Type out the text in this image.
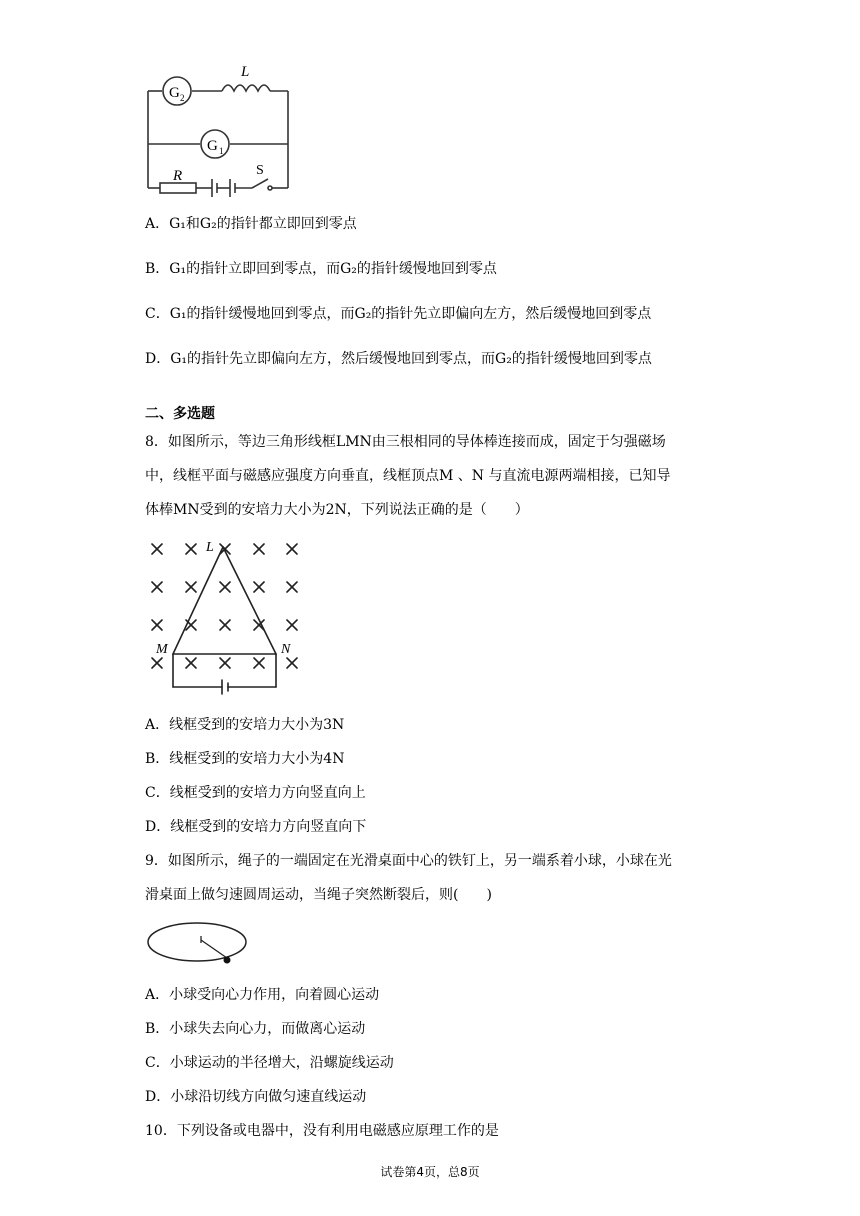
G 2
G 1
L
R	S
A．G₁和G₂的指针都立即回到零点
B．G₁的指针立即回到零点，而G₂的指针缓慢地回到零点
C．G₁的指针缓慢地回到零点，而G₂的指针先立即偏向左方，然后缓慢地回到零点
D．G₁的指针先立即偏向左方，然后缓慢地回到零点，而G₂的指针缓慢地回到零点
二、多选题
8．如图所示，等边三角形线框LMN由三根相同的导体棒连接而成，固定于匀强磁场
中，线框平面与磁感应强度方向垂直，线框顶点M 、N 与直流电源两端相接，已知导
体棒MN受到的安培力大小为2N，下列说法正确的是（　　）
L
M	N
A．线框受到的安培力大小为3N
B．线框受到的安培力大小为4N
C．线框受到的安培力方向竖直向上
D．线框受到的安培力方向竖直向下
9．如图所示，绳子的一端固定在光滑桌面中心的铁钉上，另一端系着小球，小球在光
滑桌面上做匀速圆周运动，当绳子突然断裂后，则(　　)
A．小球受向心力作用，向着圆心运动
B．小球失去向心力，而做离心运动
C．小球运动的半径增大，沿螺旋线运动
D．小球沿切线方向做匀速直线运动
10．下列设备或电器中，没有利用电磁感应原理工作的是
试卷第4页，总8页
